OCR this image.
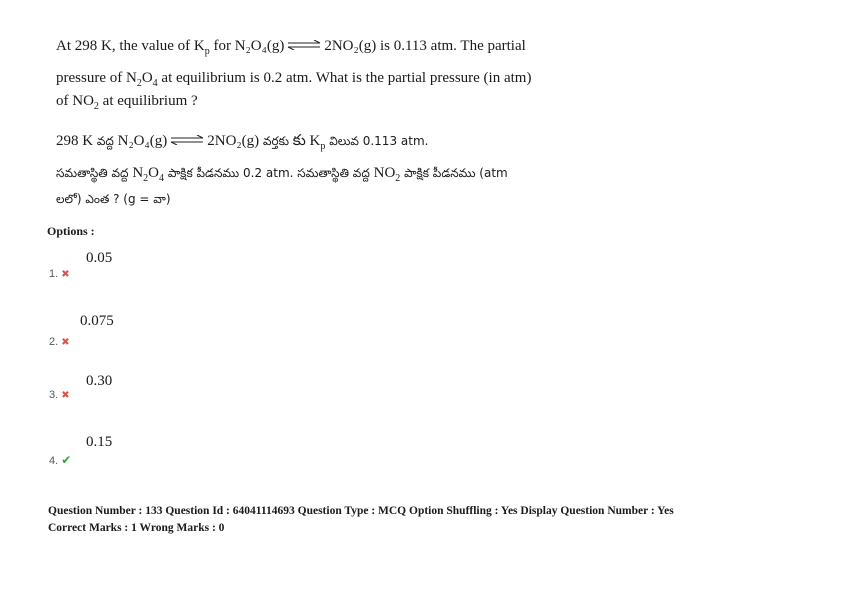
At 298 K, the value of $K_p$ for N₂O₄(g) ⇌ 2NO₂(g) is 0.113 atm. The partial
pressure of $N_2O_4$ at equilibrium is 0.2 atm. What is the partial pressure (in atm)
of $NO_2$ at equilibrium ?
298 K వద్ద N₂O₄(g) ⇌ 2NO₂(g) వర్తకు కు $K_p$ విలువ 0.113 atm.
సమతాస్థితి వద్ద $N_2O_4$ పాక్షిక పీడనము 0.2 atm. సమతాస్థితి వద్ద $NO_2$ పాక్షిక పీడనము (atm
లలో) ఎంత ? (g = వా)
Options :
0.05
1. ✖
0.075
2. ✖
0.30
3. ✖
0.15
4. ✔
Question Number : 133 Question Id : 64041114693 Question Type : MCQ Option Shuffling : Yes Display Question Number : Yes
Correct Marks : 1 Wrong Marks : 0
